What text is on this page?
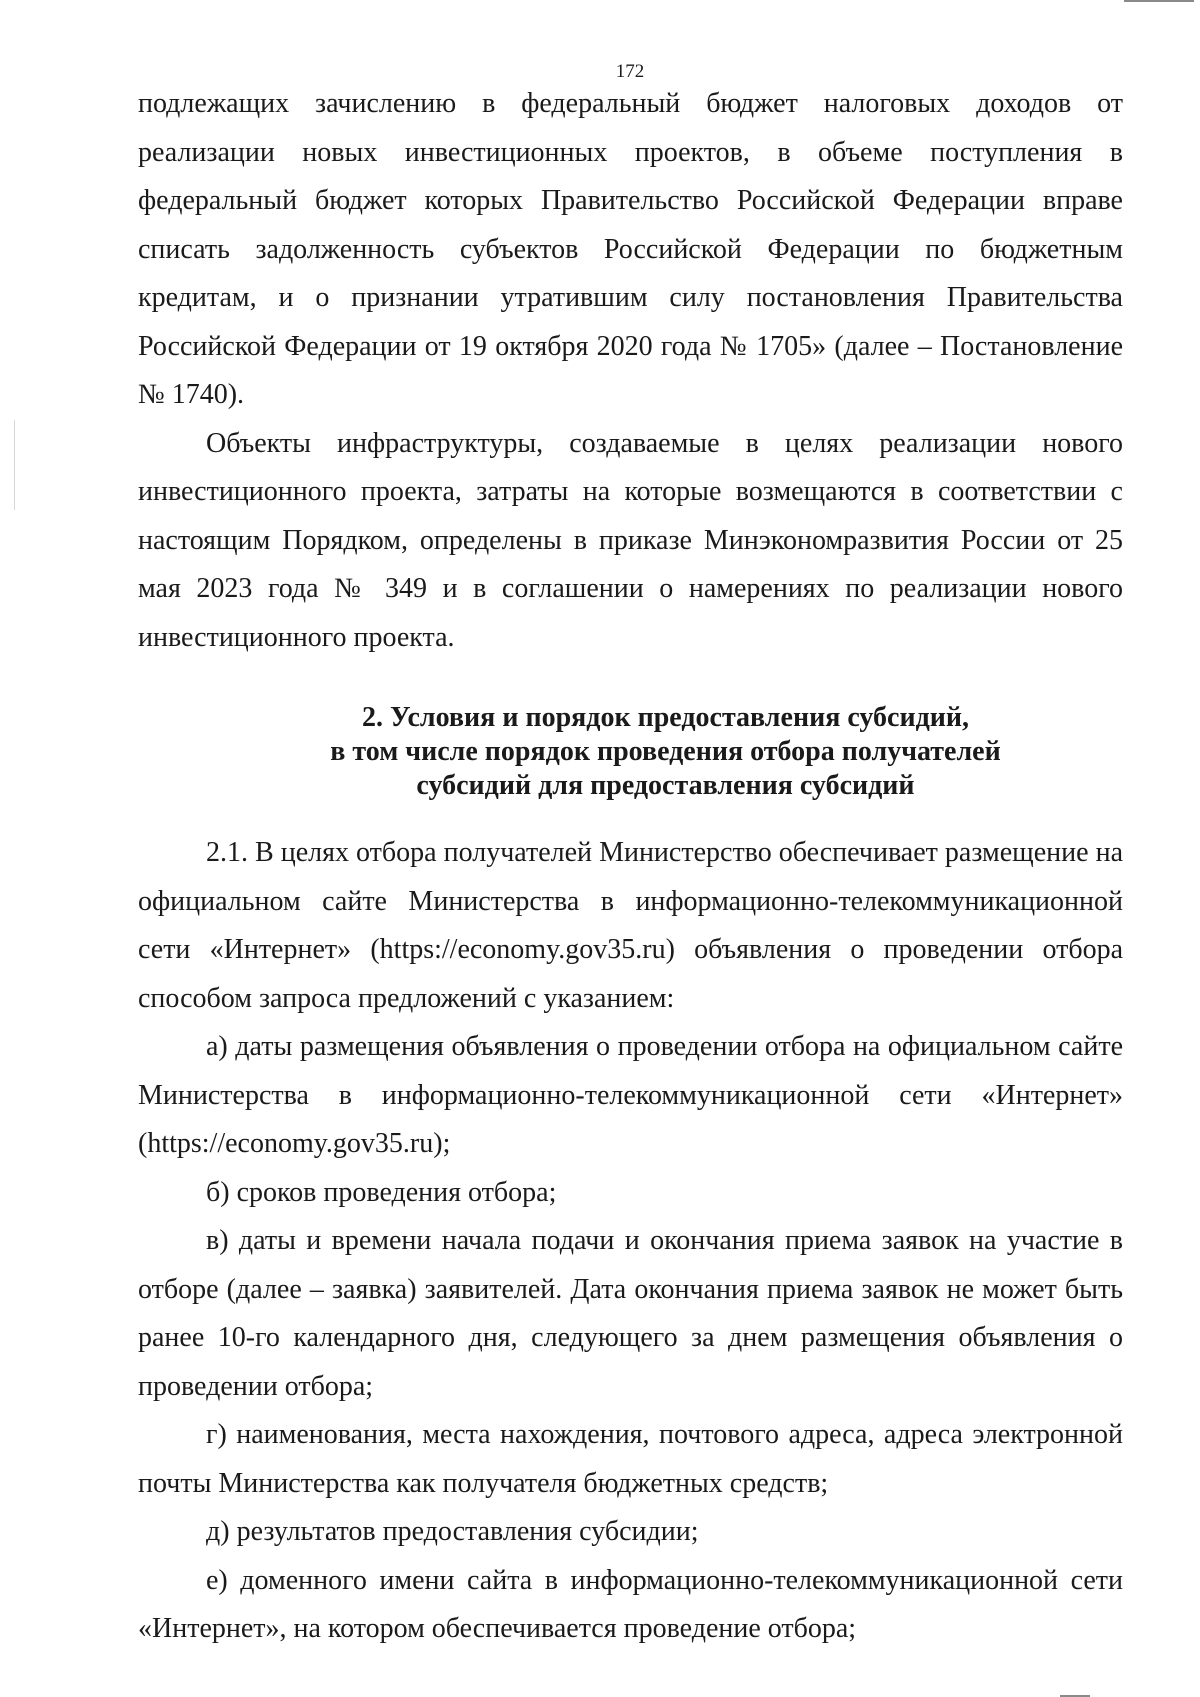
172

подлежащих зачислению в федеральный бюджет налоговых доходов от реализации новых инвестиционных проектов, в объеме поступления в федеральный бюджет которых Правительство Российской Федерации вправе списать задолженность субъектов Российской Федерации по бюджетным кредитам, и о признании утратившим силу постановления Правительства Российской Федерации от 19 октября 2020 года № 1705» (далее – Постановление № 1740).

Объекты инфраструктуры, создаваемые в целях реализации нового инвестиционного проекта, затраты на которые возмещаются в соответствии с настоящим Порядком, определены в приказе Минэкономразвития России от 25 мая 2023 года № 349 и в соглашении о намерениях по реализации нового инвестиционного проекта.

2. Условия и порядок предоставления субсидий,
в том числе порядок проведения отбора получателей
субсидий для предоставления субсидий

2.1. В целях отбора получателей Министерство обеспечивает размещение на официальном сайте Министерства в информационно-телекоммуникационной сети «Интернет» (https://economy.gov35.ru) объявления о проведении отбора способом запроса предложений с указанием:

а) даты размещения объявления о проведении отбора на официальном сайте Министерства в информационно-телекоммуникационной сети «Интернет» (https://economy.gov35.ru);

б) сроков проведения отбора;

в) даты и времени начала подачи и окончания приема заявок на участие в отборе (далее – заявка) заявителей. Дата окончания приема заявок не может быть ранее 10-го календарного дня, следующего за днем размещения объявления о проведении отбора;

г) наименования, места нахождения, почтового адреса, адреса электронной почты Министерства как получателя бюджетных средств;

д) результатов предоставления субсидии;

е) доменного имени сайта в информационно-телекоммуникационной сети «Интернет», на котором обеспечивается проведение отбора;
